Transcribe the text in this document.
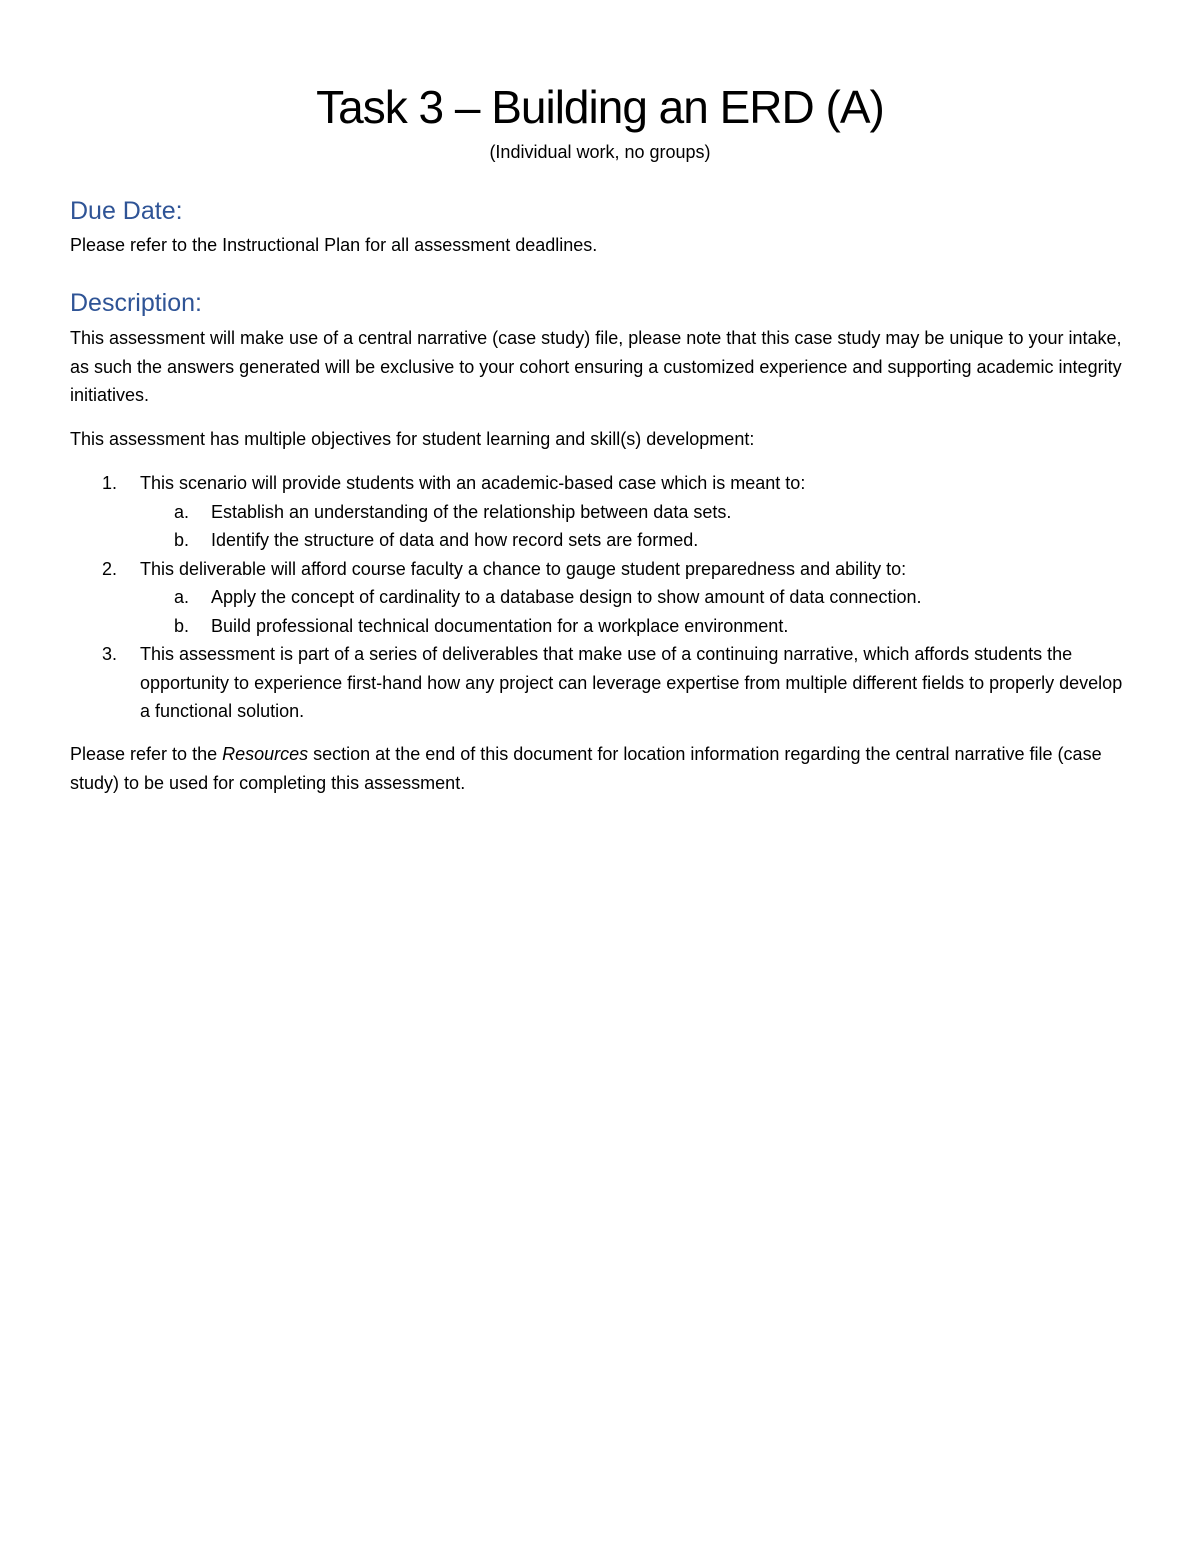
Task 3 – Building an ERD (A)
(Individual work, no groups)
Due Date:

Please refer to the Instructional Plan for all assessment deadlines.

Description:

This assessment will make use of a central narrative (case study) file, please note that this case study may be unique to your intake, as such the answers generated will be exclusive to your cohort ensuring a customized experience and supporting academic integrity initiatives.

This assessment has multiple objectives for student learning and skill(s) development:

1.	This scenario will provide students with an academic-based case which is meant to:
a.	Establish an understanding of the relationship between data sets.
b.	Identify the structure of data and how record sets are formed.
2.	This deliverable will afford course faculty a chance to gauge student preparedness and ability to:
a.	Apply the concept of cardinality to a database design to show amount of data connection.
b.	Build professional technical documentation for a workplace environment.
3.	This assessment is part of a series of deliverables that make use of a continuing narrative, which affords students the opportunity to experience first-hand how any project can leverage expertise from multiple different fields to properly develop a functional solution.

Please refer to the Resources section at the end of this document for location information regarding the central narrative file (case study) to be used for completing this assessment.
